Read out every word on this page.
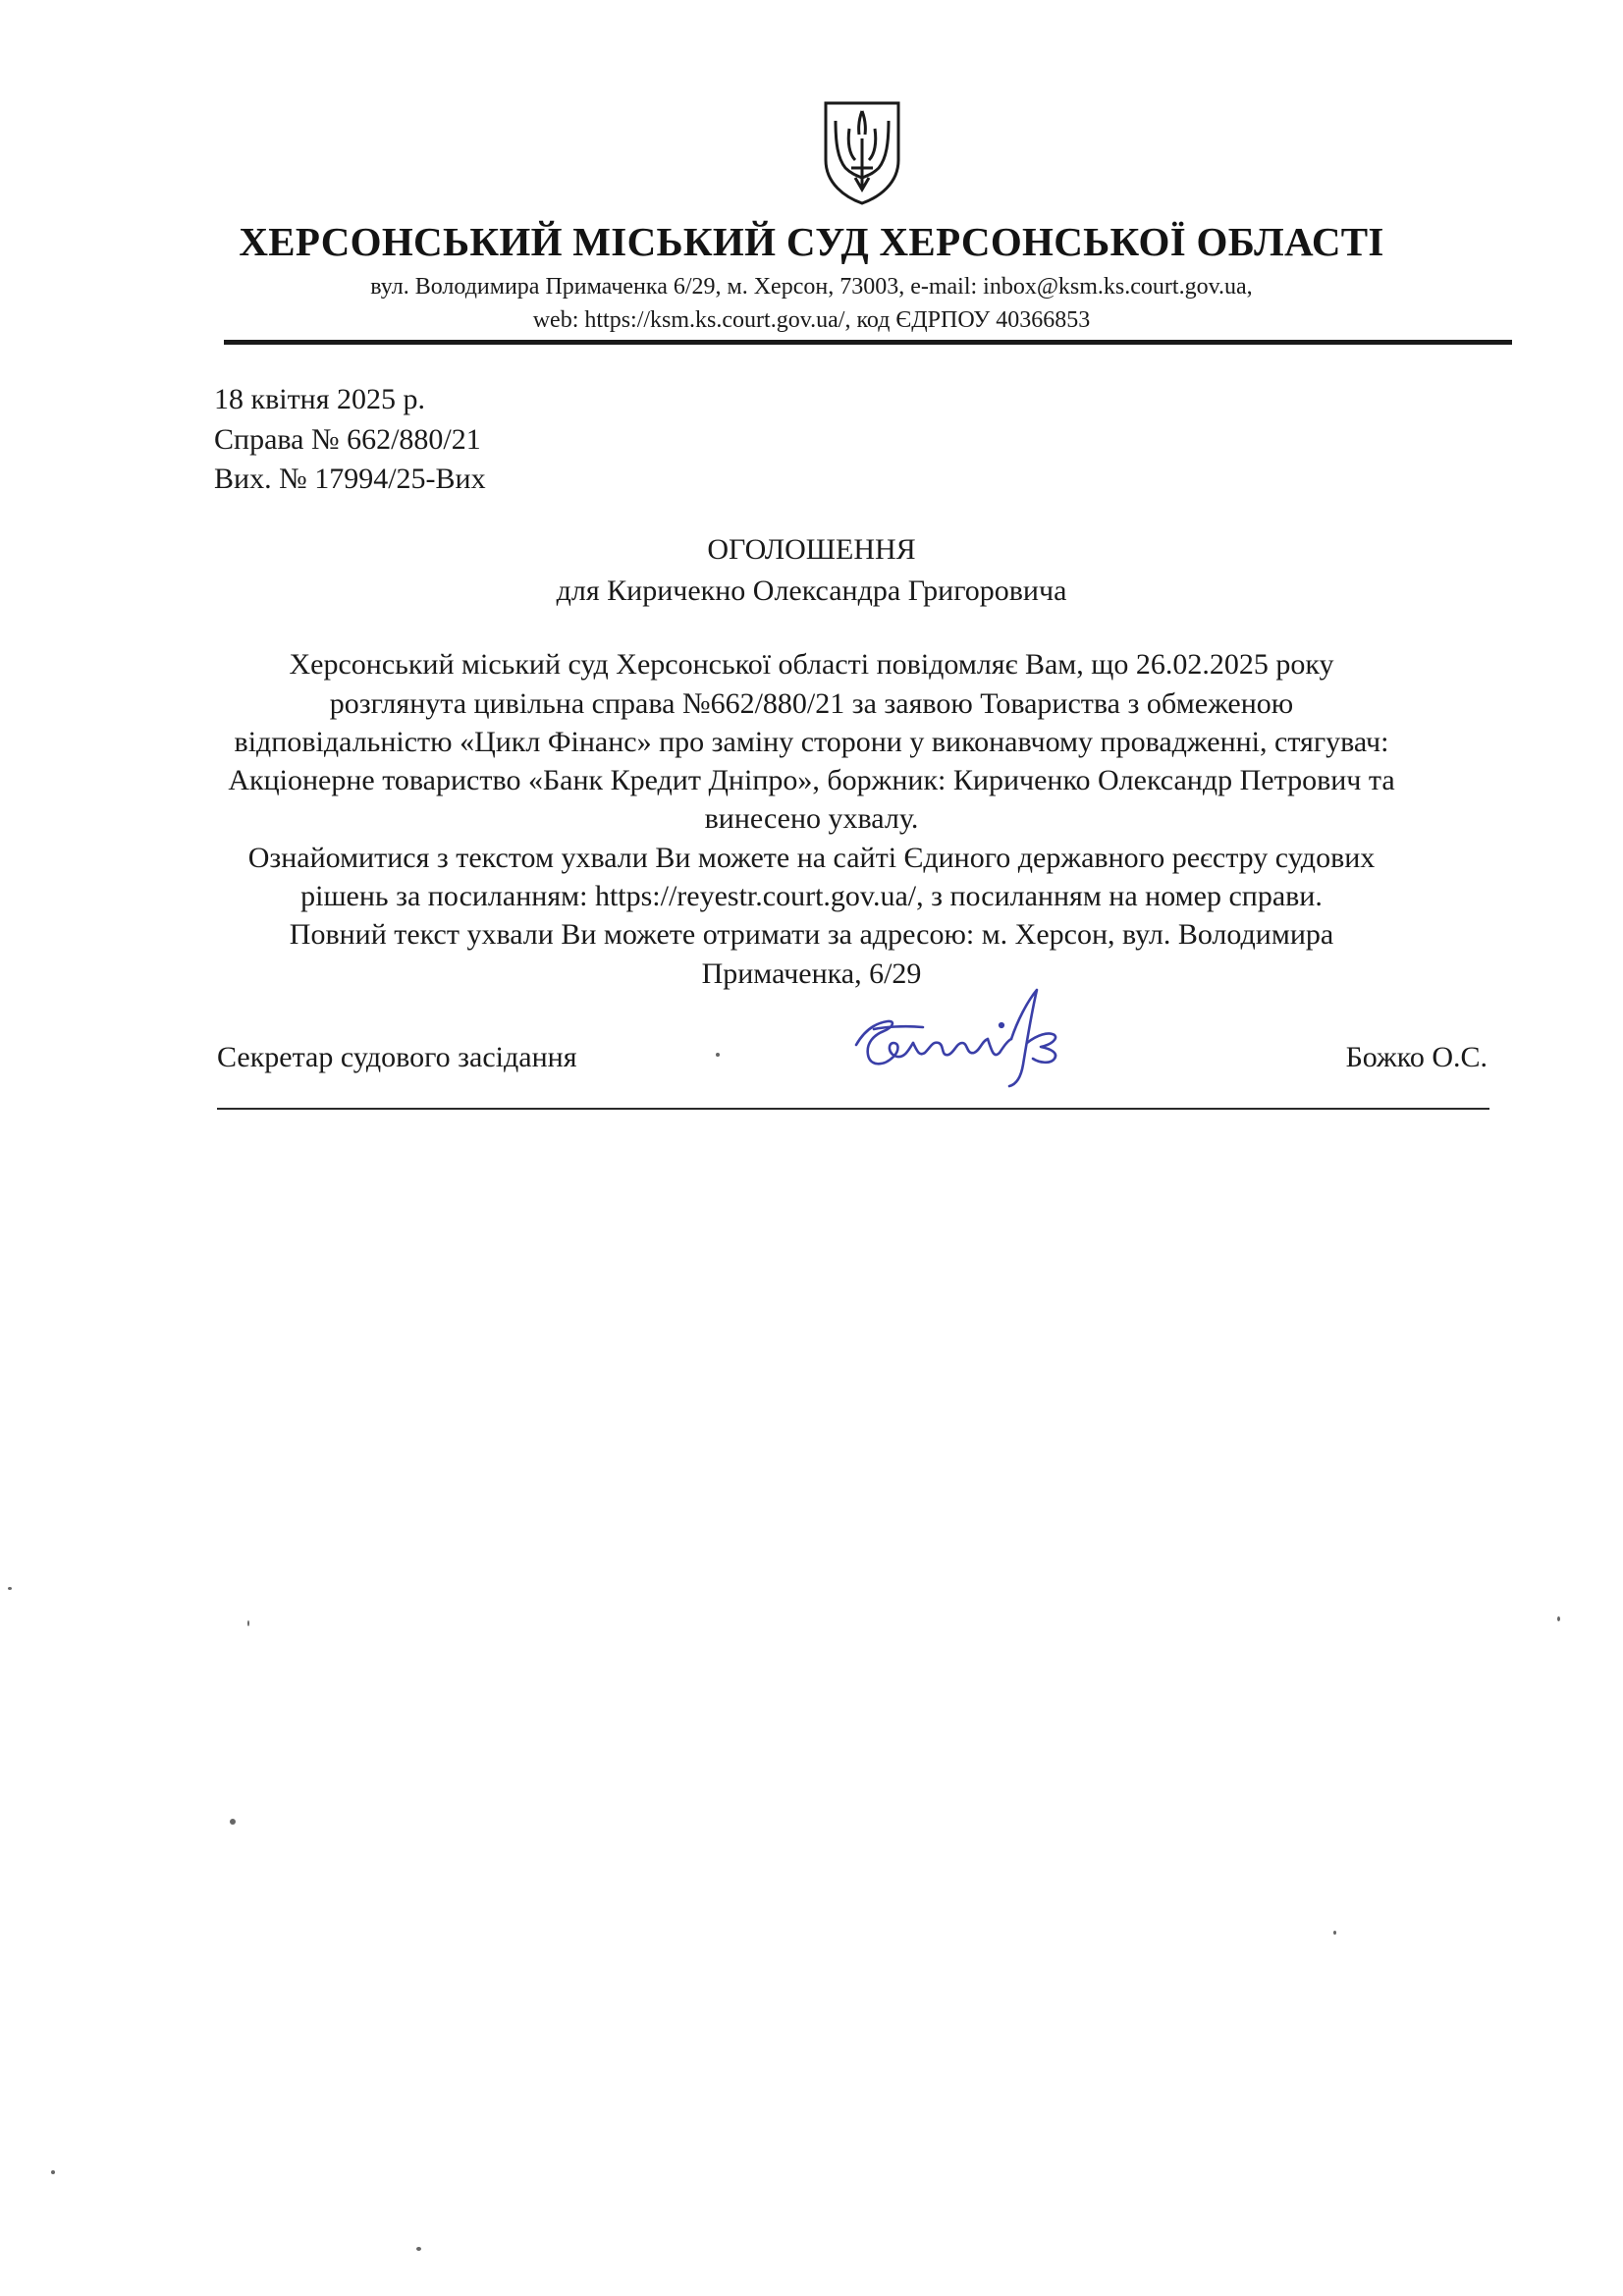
ХЕРСОНСЬКИЙ МІСЬКИЙ СУД ХЕРСОНСЬКОЇ ОБЛАСТІ
вул. Володимира Примаченка 6/29, м. Херсон, 73003, e-mail: inbox@ksm.ks.court.gov.ua,
web: https://ksm.ks.court.gov.ua/, код ЄДРПОУ 40366853
18 квітня 2025 р.
Справа № 662/880/21
Вих. № 17994/25-Вих
ОГОЛОШЕННЯ
для Киричекно Олександра Григоровича
Херсонський міський суд Херсонської області повідомляє Вам, що 26.02.2025 року
розглянута цивільна справа №662/880/21 за заявою Товариства з обмеженою
відповідальністю «Цикл Фінанс» про заміну сторони у виконавчому провадженні, стягувач:
Акціонерне товариство «Банк Кредит Дніпро», боржник: Кириченко Олександр Петрович та
винесено ухвалу.
Ознайомитися з текстом ухвали Ви можете на сайті Єдиного державного реєстру судових
рішень за посиланням: https://reyestr.court.gov.ua/, з посиланням на номер справи.
Повний текст ухвали Ви можете отримати за адресою: м. Херсон, вул. Володимира
Примаченка, 6/29
Секретар судового засідання	Божко О.С.
